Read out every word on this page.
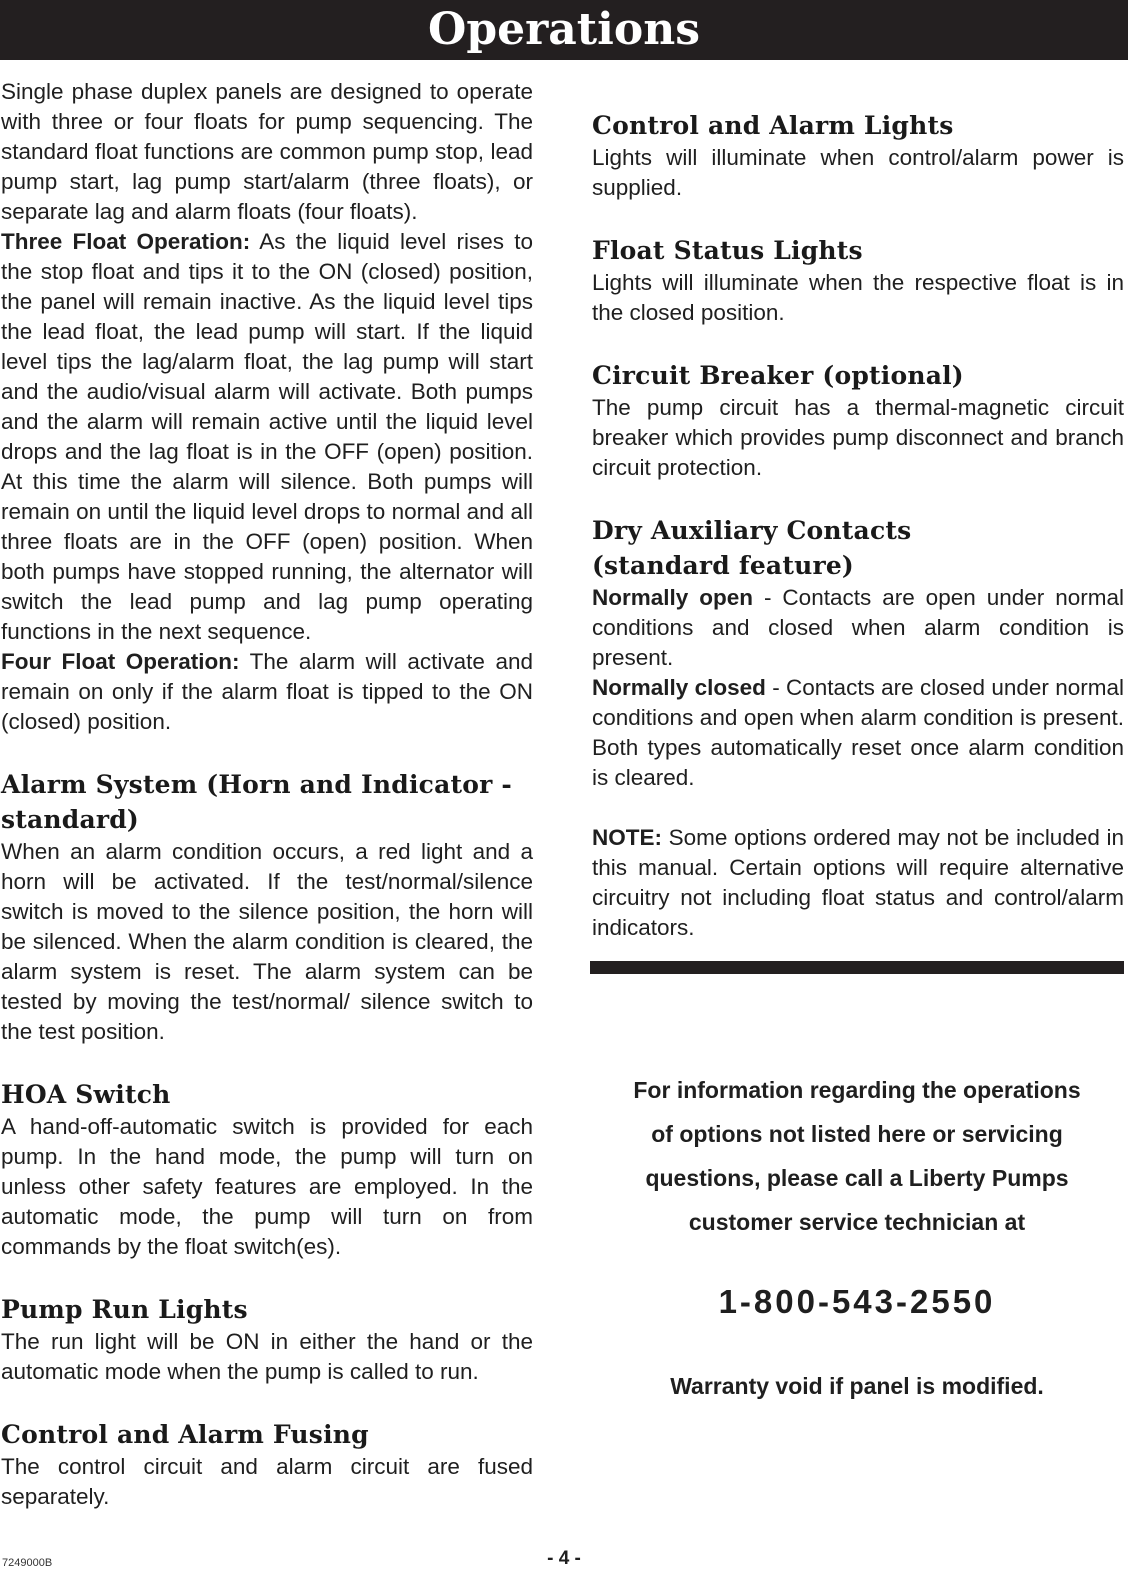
Operations

Single phase duplex panels are designed to operate with three or four floats for pump sequencing. The standard float functions are common pump stop, lead pump start, lag pump start/alarm (three floats), or separate lag and alarm floats (four floats).

Three Float Operation: As the liquid level rises to the stop float and tips it to the ON (closed) position, the panel will remain inactive. As the liquid level tips the lead float, the lead pump will start. If the liquid level tips the lag/alarm float, the lag pump will start and the audio/visual alarm will activate. Both pumps and the alarm will remain active until the liquid level drops and the lag float is in the OFF (open) position. At this time the alarm will silence. Both pumps will remain on until the liquid level drops to normal and all three floats are in the OFF (open) position. When both pumps have stopped running, the alternator will switch the lead pump and lag pump operating functions in the next sequence.

Four Float Operation: The alarm will activate and remain on only if the alarm float is tipped to the ON (closed) position.

Alarm System (Horn and Indicator -
standard)

When an alarm condition occurs, a red light and a horn will be activated. If the test/normal/silence switch is moved to the silence position, the horn will be silenced. When the alarm condition is cleared, the alarm system is reset. The alarm system can be tested by moving the test/normal/ silence switch to the test position.

HOA Switch

A hand-off-automatic switch is provided for each pump. In the hand mode, the pump will turn on unless other safety features are employed. In the automatic mode, the pump will turn on from commands by the float switch(es).

Pump Run Lights

The run light will be ON in either the hand or the automatic mode when the pump is called to run.

Control and Alarm Fusing

The control circuit and alarm circuit are fused separately.

Control and Alarm Lights

Lights will illuminate when control/alarm power is supplied.

Float Status Lights

Lights will illuminate when the respective float is in the closed position.

Circuit Breaker (optional)

The pump circuit has a thermal-magnetic circuit breaker which provides pump disconnect and branch circuit protection.

Dry Auxiliary Contacts
(standard feature)

Normally open - Contacts are open under normal conditions and closed when alarm condition is present.

Normally closed - Contacts are closed under normal conditions and open when alarm condition is present. Both types automatically reset once alarm condition is cleared.

NOTE: Some options ordered may not be included in this manual. Certain options will require alternative circuitry not including float status and control/alarm indicators.

For information regarding the operations
of options not listed here or servicing
questions, please call a Liberty Pumps
customer service technician at
1-800-543-2550
Warranty void if panel is modified.
- 4 -
7249000B
